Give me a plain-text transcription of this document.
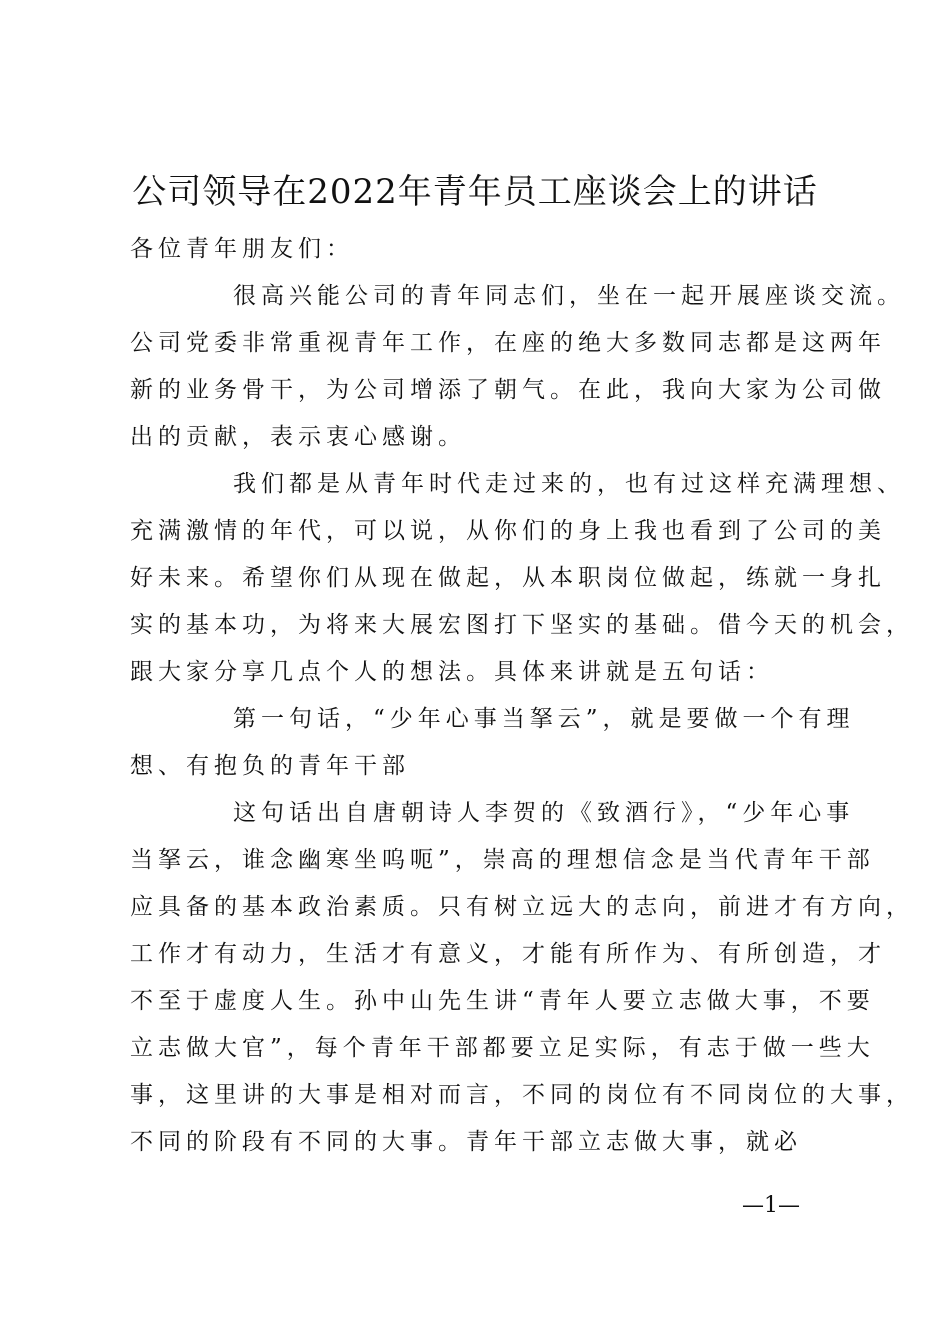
公司领导在2022年青年员工座谈会上的讲话
各位青年朋友们：
很高兴能公司的青年同志们，坐在一起开展座谈交流。
公司党委非常重视青年工作，在座的绝大多数同志都是这两年
新的业务骨干，为公司增添了朝气。在此，我向大家为公司做
出的贡献，表示衷心感谢。
我们都是从青年时代走过来的，也有过这样充满理想、
充满激情的年代，可以说，从你们的身上我也看到了公司的美
好未来。希望你们从现在做起，从本职岗位做起，练就一身扎
实的基本功，为将来大展宏图打下坚实的基础。借今天的机会，
跟大家分享几点个人的想法。具体来讲就是五句话：
第一句话，“少年心事当拏云”，就是要做一个有理
想、有抱负的青年干部
这句话出自唐朝诗人李贺的《致酒行》，“少年心事
当拏云，谁念幽寒坐呜呃”，崇高的理想信念是当代青年干部
应具备的基本政治素质。只有树立远大的志向，前进才有方向，
工作才有动力，生活才有意义，才能有所作为、有所创造，才
不至于虚度人生。孙中山先生讲“青年人要立志做大事，不要
立志做大官”，每个青年干部都要立足实际，有志于做一些大
事，这里讲的大事是相对而言，不同的岗位有不同岗位的大事，
不同的阶段有不同的大事。青年干部立志做大事，就必
—1—
